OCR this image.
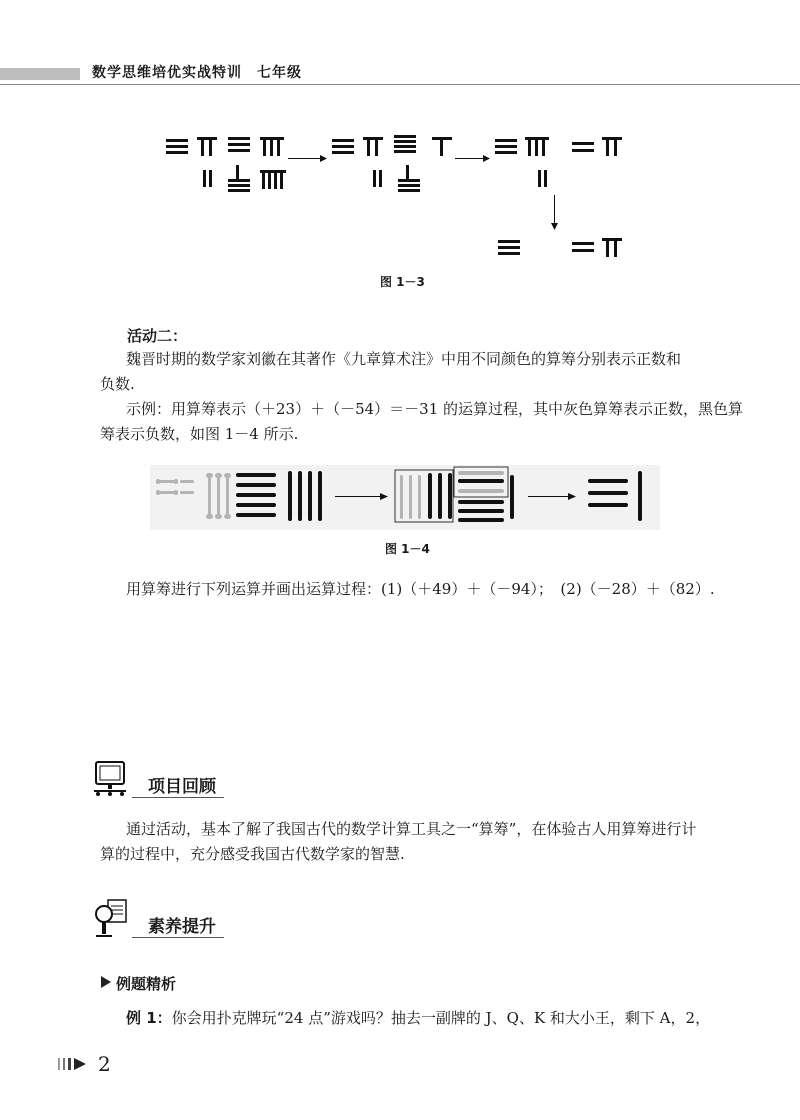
数学思维培优实战特训　七年级
图 1－3
活动二：
魏晋时期的数学家刘徽在其著作《九章算术注》中用不同颜色的算筹分别表示正数和
负数.
示例：用算筹表示（＋23）＋（－54）＝－31 的运算过程，其中灰色算筹表示正数，黑色算
筹表示负数，如图 1－4 所示.
图 1－4
用算筹进行下列运算并画出运算过程：(1)（＋49）＋（－94）；　(2)（－28）＋（82）.
项目回顾
通过活动，基本了解了我国古代的数学计算工具之一“算筹”，在体验古人用算筹进行计
算的过程中，充分感受我国古代数学家的智慧.
素养提升
例题精析
例 1：你会用扑克牌玩“24 点”游戏吗？抽去一副牌的 J、Q、K 和大小王，剩下 A，2，
2
